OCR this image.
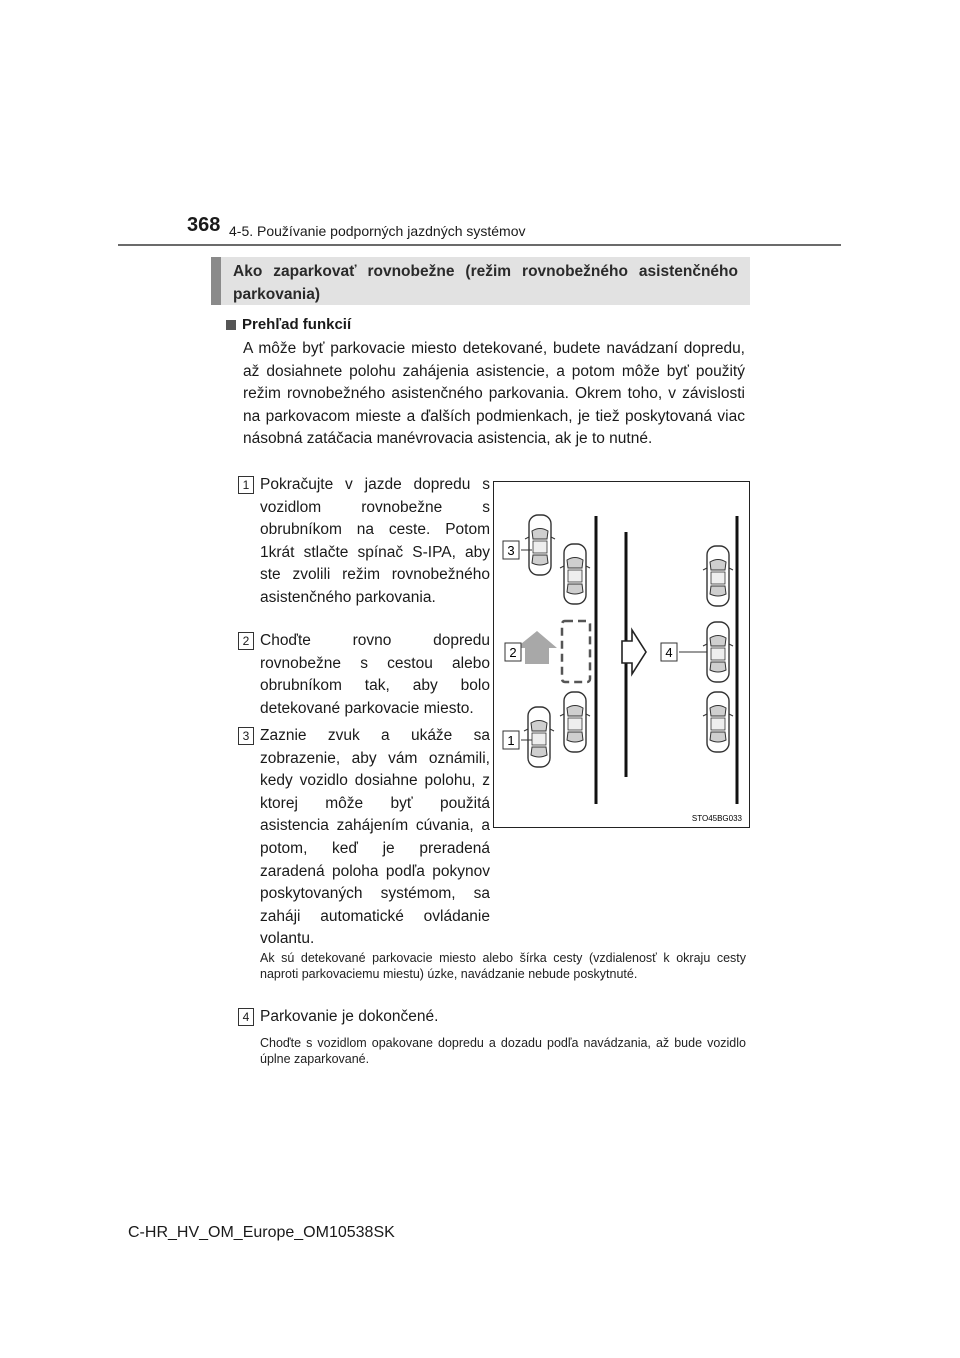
368 4-5. Používanie podporných jazdných systémov
Ako zaparkovať rovnobežne (režim rovnobežného asistenčného parkovania)
Prehľad funkcií
A môže byť parkovacie miesto detekované, budete navádzaní dopredu, až dosiahnete polohu zahájenia asistencie, a potom môže byť použitý režim rovnobežného asistenčného parkovania. Okrem toho, v závislosti na parkovacom mieste a ďalších podmienkach, je tiež poskytovaná viac násobná zatáčacia manévrovacia asistencia, ak je to nutné.
1 Pokračujte v jazde dopredu s vozidlom rovnobežne s obrubníkom na ceste. Potom 1krát stlačte spínač S-IPA, aby ste zvolili režim rovnobežného asistenčného parkovania.
2 Choďte rovno dopredu rovnobežne s cestou alebo obrubníkom tak, aby bolo detekované parkovacie miesto.
3 Zaznie zvuk a ukáže sa zobrazenie, aby vám oznámili, kedy vozidlo dosiahne polohu, z ktorej môže byť použitá asistencia zahájením cúvania, a potom, keď je preradená zaradená poloha podľa pokynov poskytovaných systémom, sa zaháji automatické ovládanie volantu.
Ak sú detekované parkovacie miesto alebo šírka cesty (vzdialenosť k okraju cesty naproti parkovaciemu miestu) úzke, navádzanie nebude poskytnuté.
4 Parkovanie je dokončené.
Choďte s vozidlom opakovane dopredu a dozadu podľa navádzania, až bude vozidlo úplne zaparkované.
3
2
1
4
STO45BG033
C-HR_HV_OM_Europe_OM10538SK
